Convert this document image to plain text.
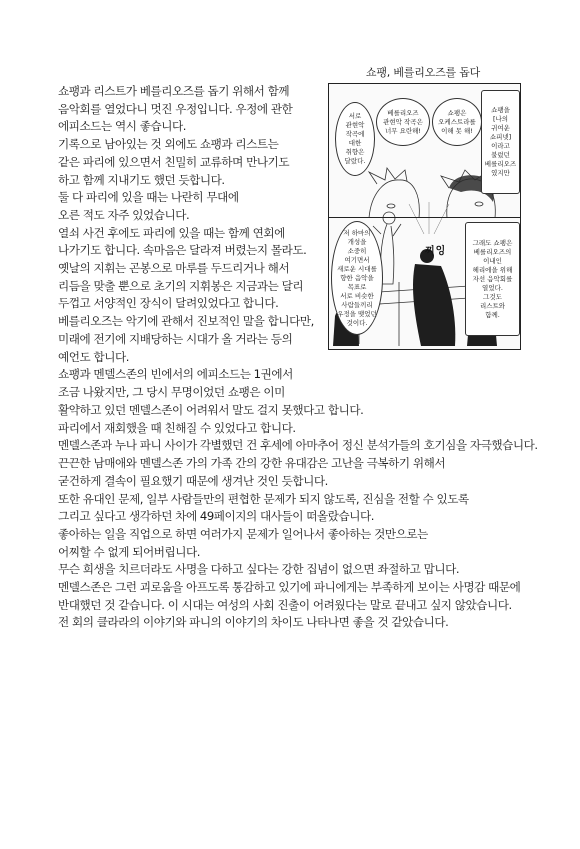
쇼팽, 베를리오즈를 돕다
서로
관현악
작곡에
대한
취향은
달랐다.
베를리오즈
관현악 작곡은
너무 요란해!
쇼팽은
오케스트라를
이해 못 해!
쇼팽을
[나의
귀여운
쇼피넷]
이라고
불렀던
베를리오즈
였지만
저 하마의
개성을
소중히
여기면서
새로운 시대를
향한 음악을
목표로
서로 비슷한
사람들끼리
우정을 맺었던
것이다.
그래도 쇼팽은
베를리오즈의
이내인
헤리에을 위해
자선 음악회를
열었다.
그것도
리스트와
함께.
찌잉

쇼팽과 리스트가 베를리오즈를 돕기 위해서 함께
음악회를 열었다니 멋진 우정입니다. 우정에 관한
에피소드는 역시 좋습니다.
기록으로 남아있는 것 외에도 쇼팽과 리스트는
같은 파리에 있으면서 친밀히 교류하며 만나기도
하고 함께 지내기도 했던 듯합니다.
둘 다 파리에 있을 때는 나란히 무대에
오른 적도 자주 있었습니다.
열쇠 사건 후에도 파리에 있을 때는 함께 연회에
나가기도 합니다. 속마음은 달라져 버렸는지 몰라도.
옛날의 지휘는 곤봉으로 마루를 두드리거나 해서
리듬을 맞출 뿐으로 초기의 지휘봉은 지금과는 달리
두껍고 서양적인 장식이 달려있었다고 합니다.
베를리오즈는 악기에 관해서 진보적인 말을 합니다만,
미래에 전기에 지배당하는 시대가 올 거라는 등의
예언도 합니다.
쇼팽과 멘델스존의 빈에서의 에피소드는 1권에서
조금 나왔지만, 그 당시 무명이었던 쇼팽은 이미

활약하고 있던 멘델스존이 어려워서 말도 걸지 못했다고 합니다.
파리에서 재회했을 때 친해질 수 있었다고 합니다.
멘델스존과 누나 파니 사이가 각별했던 건 후세에 아마추어 정신 분석가들의 호기심을 자극했습니다.
끈끈한 남매애와 멘델스존 가의 가족 간의 강한 유대감은 고난을 극복하기 위해서
굳건하게 결속이 필요했기 때문에 생겨난 것인 듯합니다.
또한 유대인 문제, 일부 사람들만의 편협한 문제가 되지 않도록, 진심을 전할 수 있도록
그리고 싶다고 생각하던 차에 49페이지의 대사들이 떠올랐습니다.
좋아하는 일을 직업으로 하면 여러가지 문제가 일어나서 좋아하는 것만으로는
어찌할 수 없게 되어버립니다.
무슨 희생을 치르더라도 사명을 다하고 싶다는 강한 집념이 없으면 좌절하고 맙니다.
멘델스존은 그런 괴로움을 아프도록 통감하고 있기에 파니에게는 부족하게 보이는 사명감 때문에
반대했던 것 같습니다. 이 시대는 여성의 사회 진출이 어려웠다는 말로 끝내고 싶지 않았습니다.
전 회의 클라라의 이야기와 파니의 이야기의 차이도 나타나면 좋을 것 같았습니다.
